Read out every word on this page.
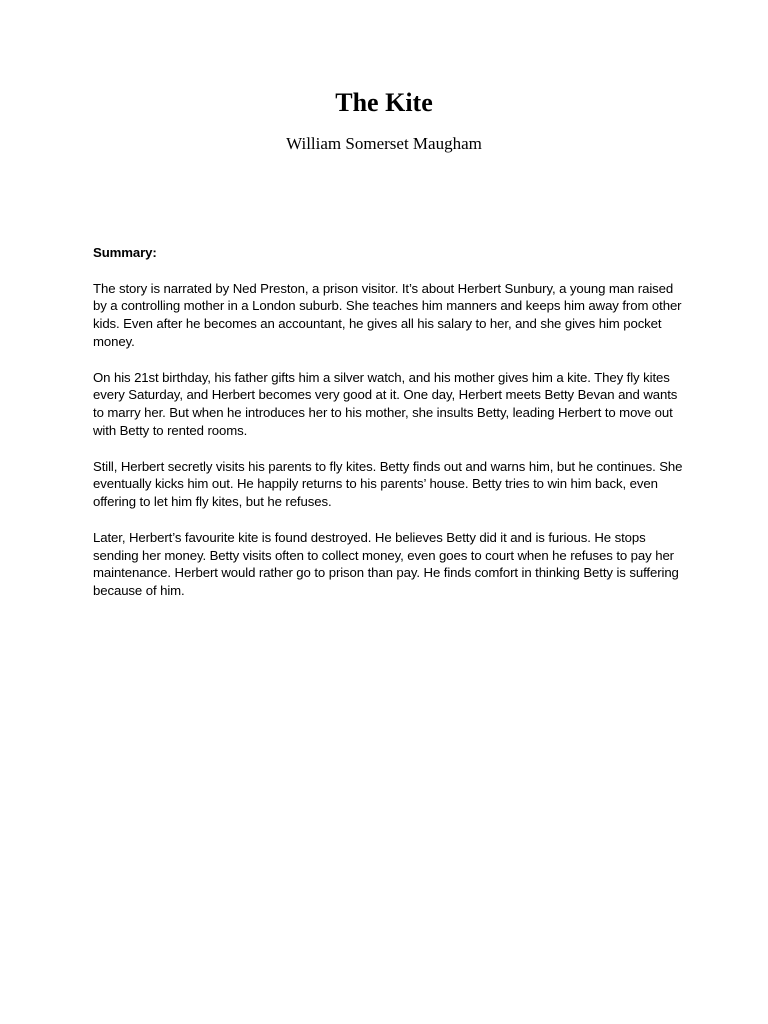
The Kite

William Somerset Maugham

Summary:

The story is narrated by Ned Preston, a prison visitor. It’s about Herbert Sunbury, a young man raised by a controlling mother in a London suburb. She teaches him manners and keeps him away from other kids. Even after he becomes an accountant, he gives all his salary to her, and she gives him pocket money.

On his 21st birthday, his father gifts him a silver watch, and his mother gives him a kite. They fly kites every Saturday, and Herbert becomes very good at it. One day, Herbert meets Betty Bevan and wants to marry her. But when he introduces her to his mother, she insults Betty, leading Herbert to move out with Betty to rented rooms.

Still, Herbert secretly visits his parents to fly kites. Betty finds out and warns him, but he continues. She eventually kicks him out. He happily returns to his parents’ house. Betty tries to win him back, even offering to let him fly kites, but he refuses.

Later, Herbert’s favourite kite is found destroyed. He believes Betty did it and is furious. He stops sending her money. Betty visits often to collect money, even goes to court when he refuses to pay her maintenance. Herbert would rather go to prison than pay. He finds comfort in thinking Betty is suffering because of him.
